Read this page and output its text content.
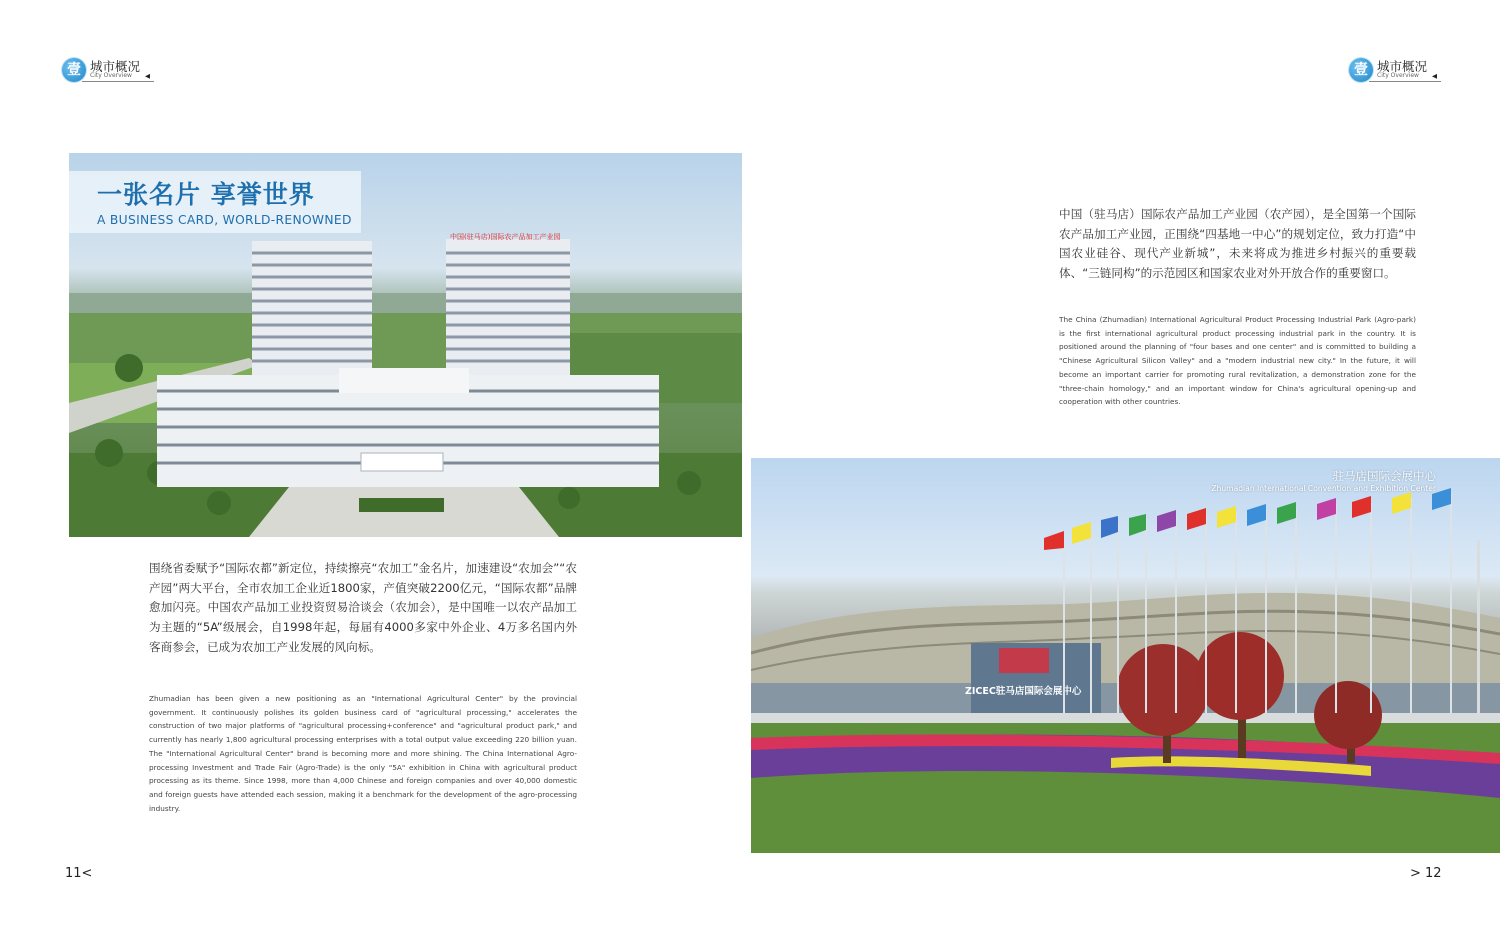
壹 城市概况
City Overview ◀	壹 城市概况
City Overview ◀
中国(驻马店)国际农产品加工产业园
一张名片 享誉世界
A BUSINESS CARD, WORLD-RENOWNED
围绕省委赋予“国际农都”新定位，持续擦亮“农加工”金名片，加速建设“农加会”“农产园”两大平台，全市农加工企业近1800家，产值突破2200亿元，“国际农都”品牌愈加闪亮。中国农产品加工业投资贸易洽谈会（农加会），是中国唯一以农产品加工为主题的“5A”级展会，自1998年起，每届有4000多家中外企业、4万多名国内外客商参会，已成为农加工产业发展的风向标。
Zhumadian has been given a new positioning as an "International Agricultural Center" by the provincial government. It continuously polishes its golden business card of "agricultural processing," accelerates the construction of two major platforms of "agricultural processing+conference" and "agricultural product park," and currently has nearly 1,800 agricultural processing enterprises with a total output value exceeding 220 billion yuan. The "International Agricultural Center" brand is becoming more and more shining. The China International Agro-processing Investment and Trade Fair (Agro-Trade) is the only "5A" exhibition in China with agricultural product processing as its theme. Since 1998, more than 4,000 Chinese and foreign companies and over 40,000 domestic and foreign guests have attended each session, making it a benchmark for the development of the agro-processing industry.
11<
中国（驻马店）国际农产品加工产业园（农产园），是全国第一个国际农产品加工产业园，正围绕“四基地一中心”的规划定位，致力打造“中国农业硅谷、现代产业新城”，未来将成为推进乡村振兴的重要载体、“三链同构”的示范园区和国家农业对外开放合作的重要窗口。
The China (Zhumadian) International Agricultural Product Processing Industrial Park (Agro-park) is the first international agricultural product processing industrial park in the country. It is positioned around the planning of "four bases and one center" and is committed to building a "Chinese Agricultural Silicon Valley" and a "modern industrial new city." In the future, it will become an important carrier for promoting rural revitalization, a demonstration zone for the "three-chain homology," and an important window for China's agricultural opening-up and cooperation with other countries.
ZICEC驻马店国际会展中心
驻马店国际会展中心
Zhumadian International Convention and Exhibition Center
> 12
